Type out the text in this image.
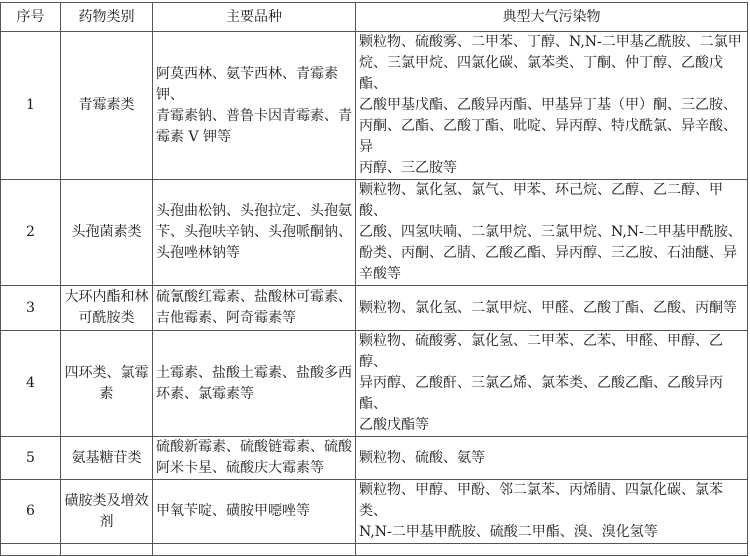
序号	药物类别	主要品种	典型大气污染物
1	青霉素类	阿莫西林、氨苄西林、青霉素钾、
青霉素钠、普鲁卡因青霉素、青
霉素 V 钾等	颗粒物、硫酸雾、二甲苯、丁醇、N,N-二甲基乙酰胺、二氯甲
烷、三氯甲烷、四氯化碳、氯苯类、丁酮、仲丁醇、乙酸戊酯、
乙酸甲基戊酯、乙酸异丙酯、甲基异丁基（甲）酮、三乙胺、
丙酮、乙酯、乙酸丁酯、吡啶、异丙醇、特戊酰氯、异辛酸、异
丙醇、三乙胺等
2	头孢菌素类	头孢曲松钠、头孢拉定、头孢氨
苄、头孢呋辛钠、头孢哌酮钠、
头孢唑林钠等	颗粒物、氯化氢、氯气、甲苯、环己烷、乙醇、乙二醇、甲酸、
乙酸、四氢呋喃、二氯甲烷、三氯甲烷、N,N-二甲基甲酰胺、
酚类、丙酮、乙腈、乙酸乙酯、异丙醇、三乙胺、石油醚、异
辛酸等
3	大环内酯和林
可酰胺类	硫氰酸红霉素、盐酸林可霉素、
吉他霉素、阿奇霉素等	颗粒物、氯化氢、二氯甲烷、甲醛、乙酸丁酯、乙酸、丙酮等
4	四环类、氯霉
素	土霉素、盐酸土霉素、盐酸多西
环素、氯霉素等	颗粒物、硫酸雾、氯化氢、二甲苯、乙苯、甲醛、甲醇、乙醇、
异丙醇、乙酸酐、三氯乙烯、氯苯类、乙酸乙酯、乙酸异丙酯、
乙酸戊酯等
5	氨基糖苷类	硫酸新霉素、硫酸链霉素、硫酸
阿米卡星、硫酸庆大霉素等	颗粒物、硫酸、氨等
6	磺胺类及增效
剂	甲氧苄啶、磺胺甲噁唑等	颗粒物、甲醇、甲酚、邻二氯苯、丙烯腈、四氯化碳、氯苯类、
N,N-二甲基甲酰胺、硫酸二甲酯、溴、溴化氢等
